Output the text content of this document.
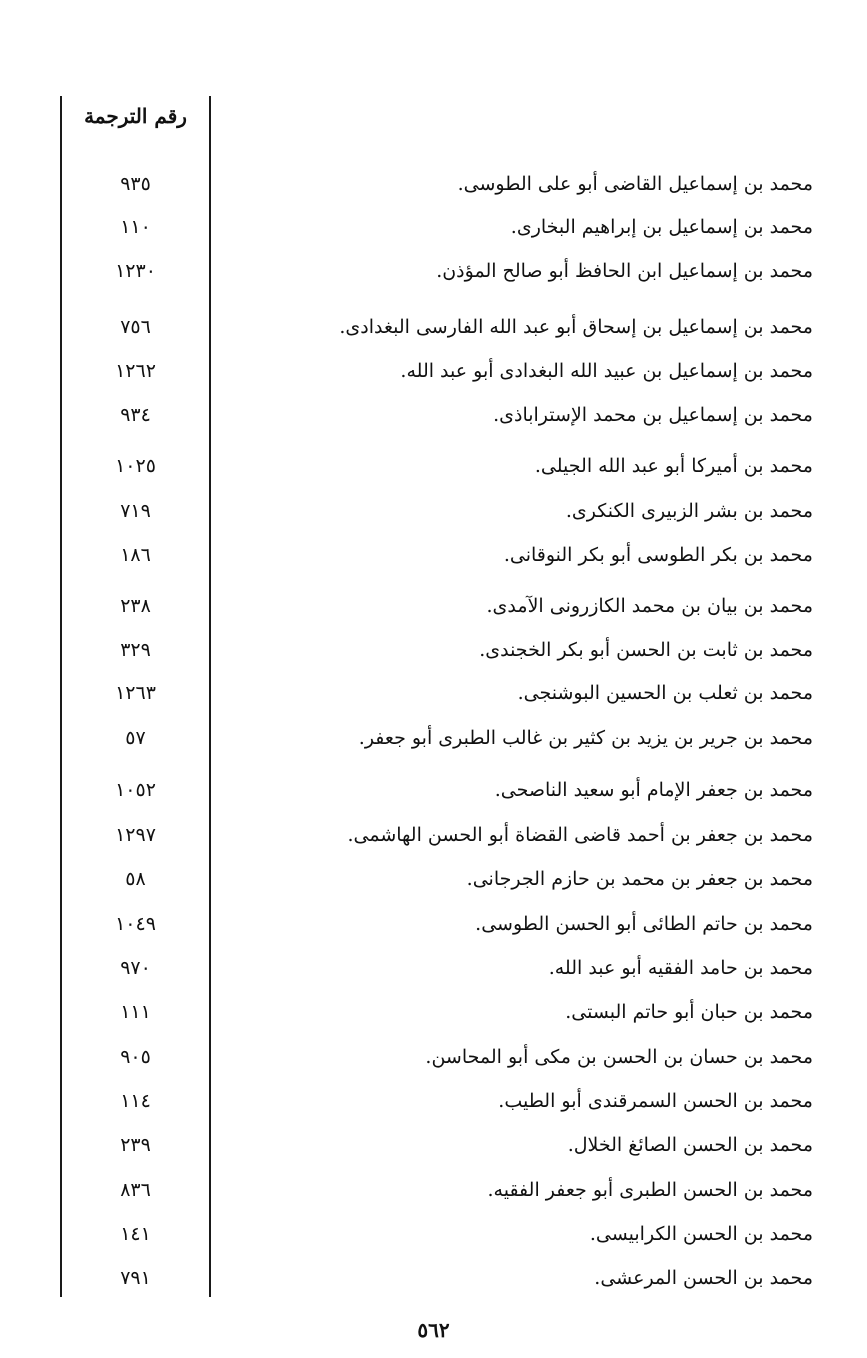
رقم الترجمة
محمد بن إسماعيل القاضى أبو على الطوسى.
٩٣٥
محمد بن إسماعيل بن إبراهيم البخارى.
١١٠
محمد بن إسماعيل ابن الحافظ أبو صالح المؤذن.
١٢٣٠
محمد بن إسماعيل بن إسحاق أبو عبد الله الفارسى البغدادى.
٧٥٦
محمد بن إسماعيل بن عبيد الله البغدادى أبو عبد الله.
١٢٦٢
محمد بن إسماعيل بن محمد الإستراباذى.
٩٣٤
محمد بن أميركا أبو عبد الله الجيلى.
١٠٢٥
محمد بن بشر الزبيرى الكنكرى.
٧١٩
محمد بن بكر الطوسى أبو بكر النوقانى.
١٨٦
محمد بن بيان بن محمد الكازرونى الآمدى.
٢٣٨
محمد بن ثابت بن الحسن أبو بكر الخجندى.
٣٢٩
محمد بن ثعلب بن الحسين البوشنجى.
١٢٦٣
محمد بن جرير بن يزيد بن كثير بن غالب الطبرى أبو جعفر.
٥٧
محمد بن جعفر الإمام أبو سعيد الناصحى.
١٠٥٢
محمد بن جعفر بن أحمد قاضى القضاة أبو الحسن الهاشمى.
١٢٩٧
محمد بن جعفر بن محمد بن حازم الجرجانى.
٥٨
محمد بن حاتم الطائى أبو الحسن الطوسى.
١٠٤٩
محمد بن حامد الفقيه أبو عبد الله.
٩٧٠
محمد بن حبان أبو حاتم البستى.
١١١
محمد بن حسان بن الحسن بن مكى أبو المحاسن.
٩٠٥
محمد بن الحسن السمرقندى أبو الطيب.
١١٤
محمد بن الحسن الصائغ الخلال.
٢٣٩
محمد بن الحسن الطبرى أبو جعفر الفقيه.
٨٣٦
محمد بن الحسن الكرابيسى.
١٤١
محمد بن الحسن المرعشى.
٧٩١
٥٦٢
